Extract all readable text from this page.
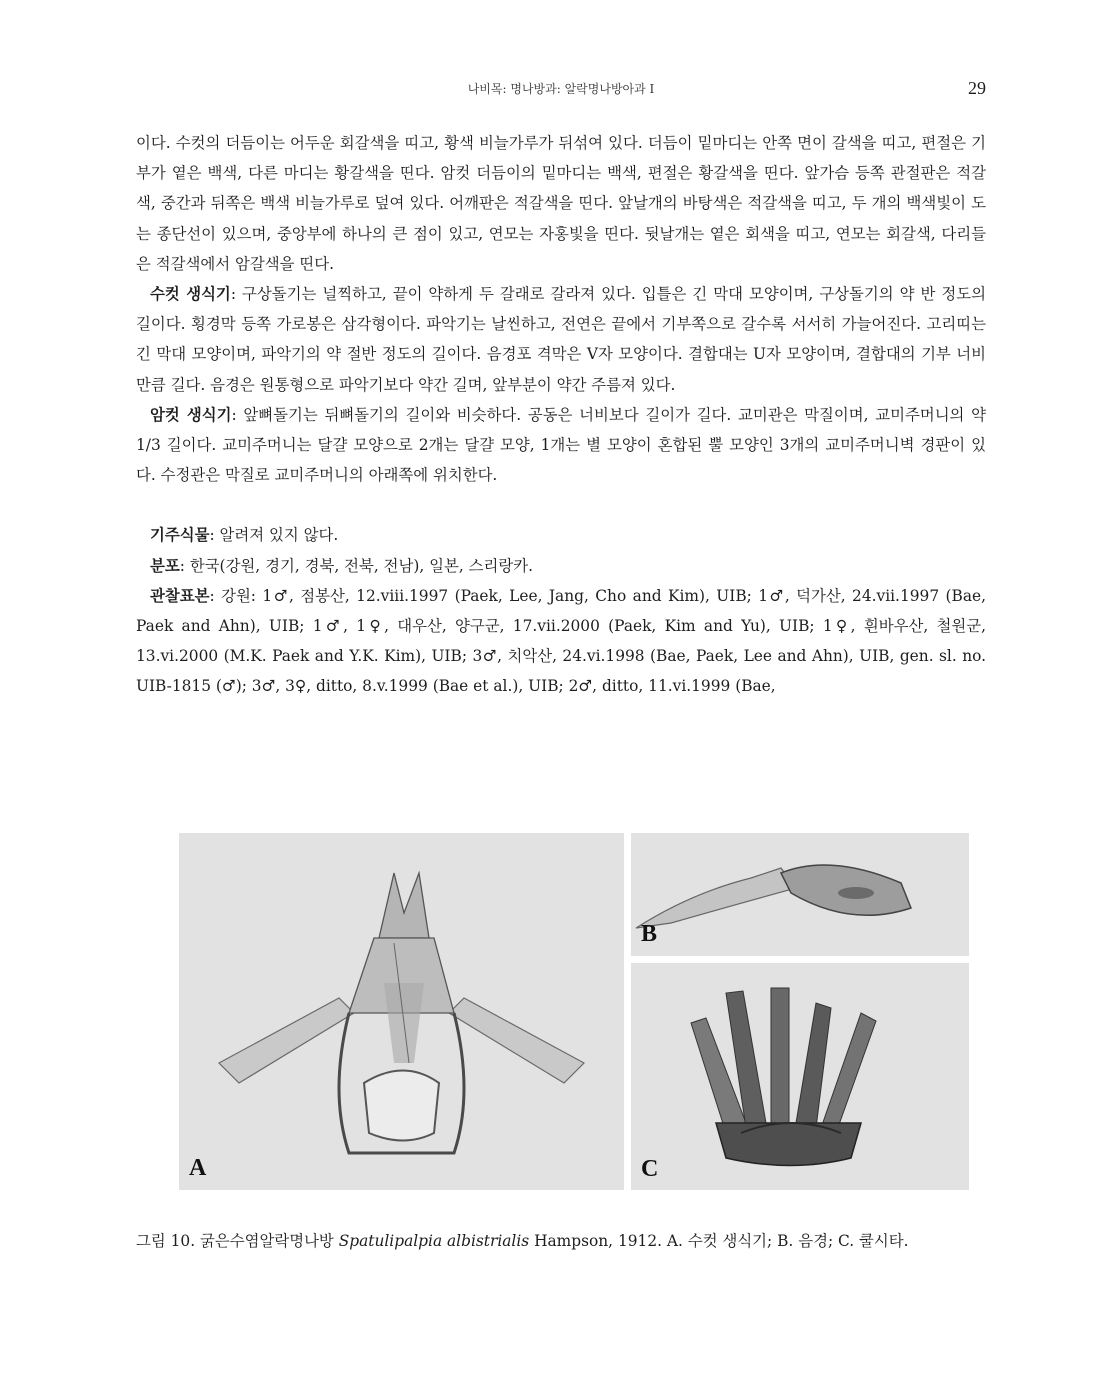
나비목: 명나방과: 알락명나방아과 I	29

이다. 수컷의 더듬이는 어두운 회갈색을 띠고, 황색 비늘가루가 뒤섞여 있다. 더듬이 밑마디는 안쪽 면이 갈색을 띠고, 편절은 기부가 옅은 백색, 다른 마디는 황갈색을 띤다. 암컷 더듬이의 밑마디는 백색, 편절은 황갈색을 띤다. 앞가슴 등쪽 관절판은 적갈색, 중간과 뒤쪽은 백색 비늘가루로 덮여 있다. 어깨판은 적갈색을 띤다. 앞날개의 바탕색은 적갈색을 띠고, 두 개의 백색빛이 도는 종단선이 있으며, 중앙부에 하나의 큰 점이 있고, 연모는 자홍빛을 띤다. 뒷날개는 옅은 회색을 띠고, 연모는 회갈색, 다리들은 적갈색에서 암갈색을 띤다.

수컷 생식기: 구상돌기는 널찍하고, 끝이 약하게 두 갈래로 갈라져 있다. 입틀은 긴 막대 모양이며, 구상돌기의 약 반 정도의 길이다. 횡경막 등쪽 가로봉은 삼각형이다. 파악기는 날씬하고, 전연은 끝에서 기부쪽으로 갈수록 서서히 가늘어진다. 고리띠는 긴 막대 모양이며, 파악기의 약 절반 정도의 길이다. 음경포 격막은 V자 모양이다. 결합대는 U자 모양이며, 결합대의 기부 너비만큼 길다. 음경은 원통형으로 파악기보다 약간 길며, 앞부분이 약간 주름져 있다.

암컷 생식기: 앞뼈돌기는 뒤뼈돌기의 길이와 비슷하다. 공동은 너비보다 길이가 길다. 교미관은 막질이며, 교미주머니의 약 1/3 길이다. 교미주머니는 달걀 모양으로 2개는 달걀 모양, 1개는 별 모양이 혼합된 뿔 모양인 3개의 교미주머니벽 경판이 있다. 수정관은 막질로 교미주머니의 아래쪽에 위치한다.

기주식물: 알려져 있지 않다.

분포: 한국(강원, 경기, 경북, 전북, 전남), 일본, 스리랑카.

관찰표본: 강원: 1♂, 점봉산, 12.viii.1997 (Paek, Lee, Jang, Cho and Kim), UIB; 1♂, 덕가산, 24.vii.1997 (Bae, Paek and Ahn), UIB; 1♂, 1♀, 대우산, 양구군, 17.vii.2000 (Paek, Kim and Yu), UIB; 1♀, 흰바우산, 철원군, 13.vi.2000 (M.K. Paek and Y.K. Kim), UIB; 3♂, 치악산, 24.vi.1998 (Bae, Paek, Lee and Ahn), UIB, gen. sl. no. UIB-1815 (♂); 3♂, 3♀, ditto, 8.v.1999 (Bae et al.), UIB; 2♂, ditto, 11.vi.1999 (Bae,

A
B
C
그림 10. 굵은수염알락명나방 Spatulipalpia albistrialis Hampson, 1912. A. 수컷 생식기; B. 음경; C. 쿨시타.
